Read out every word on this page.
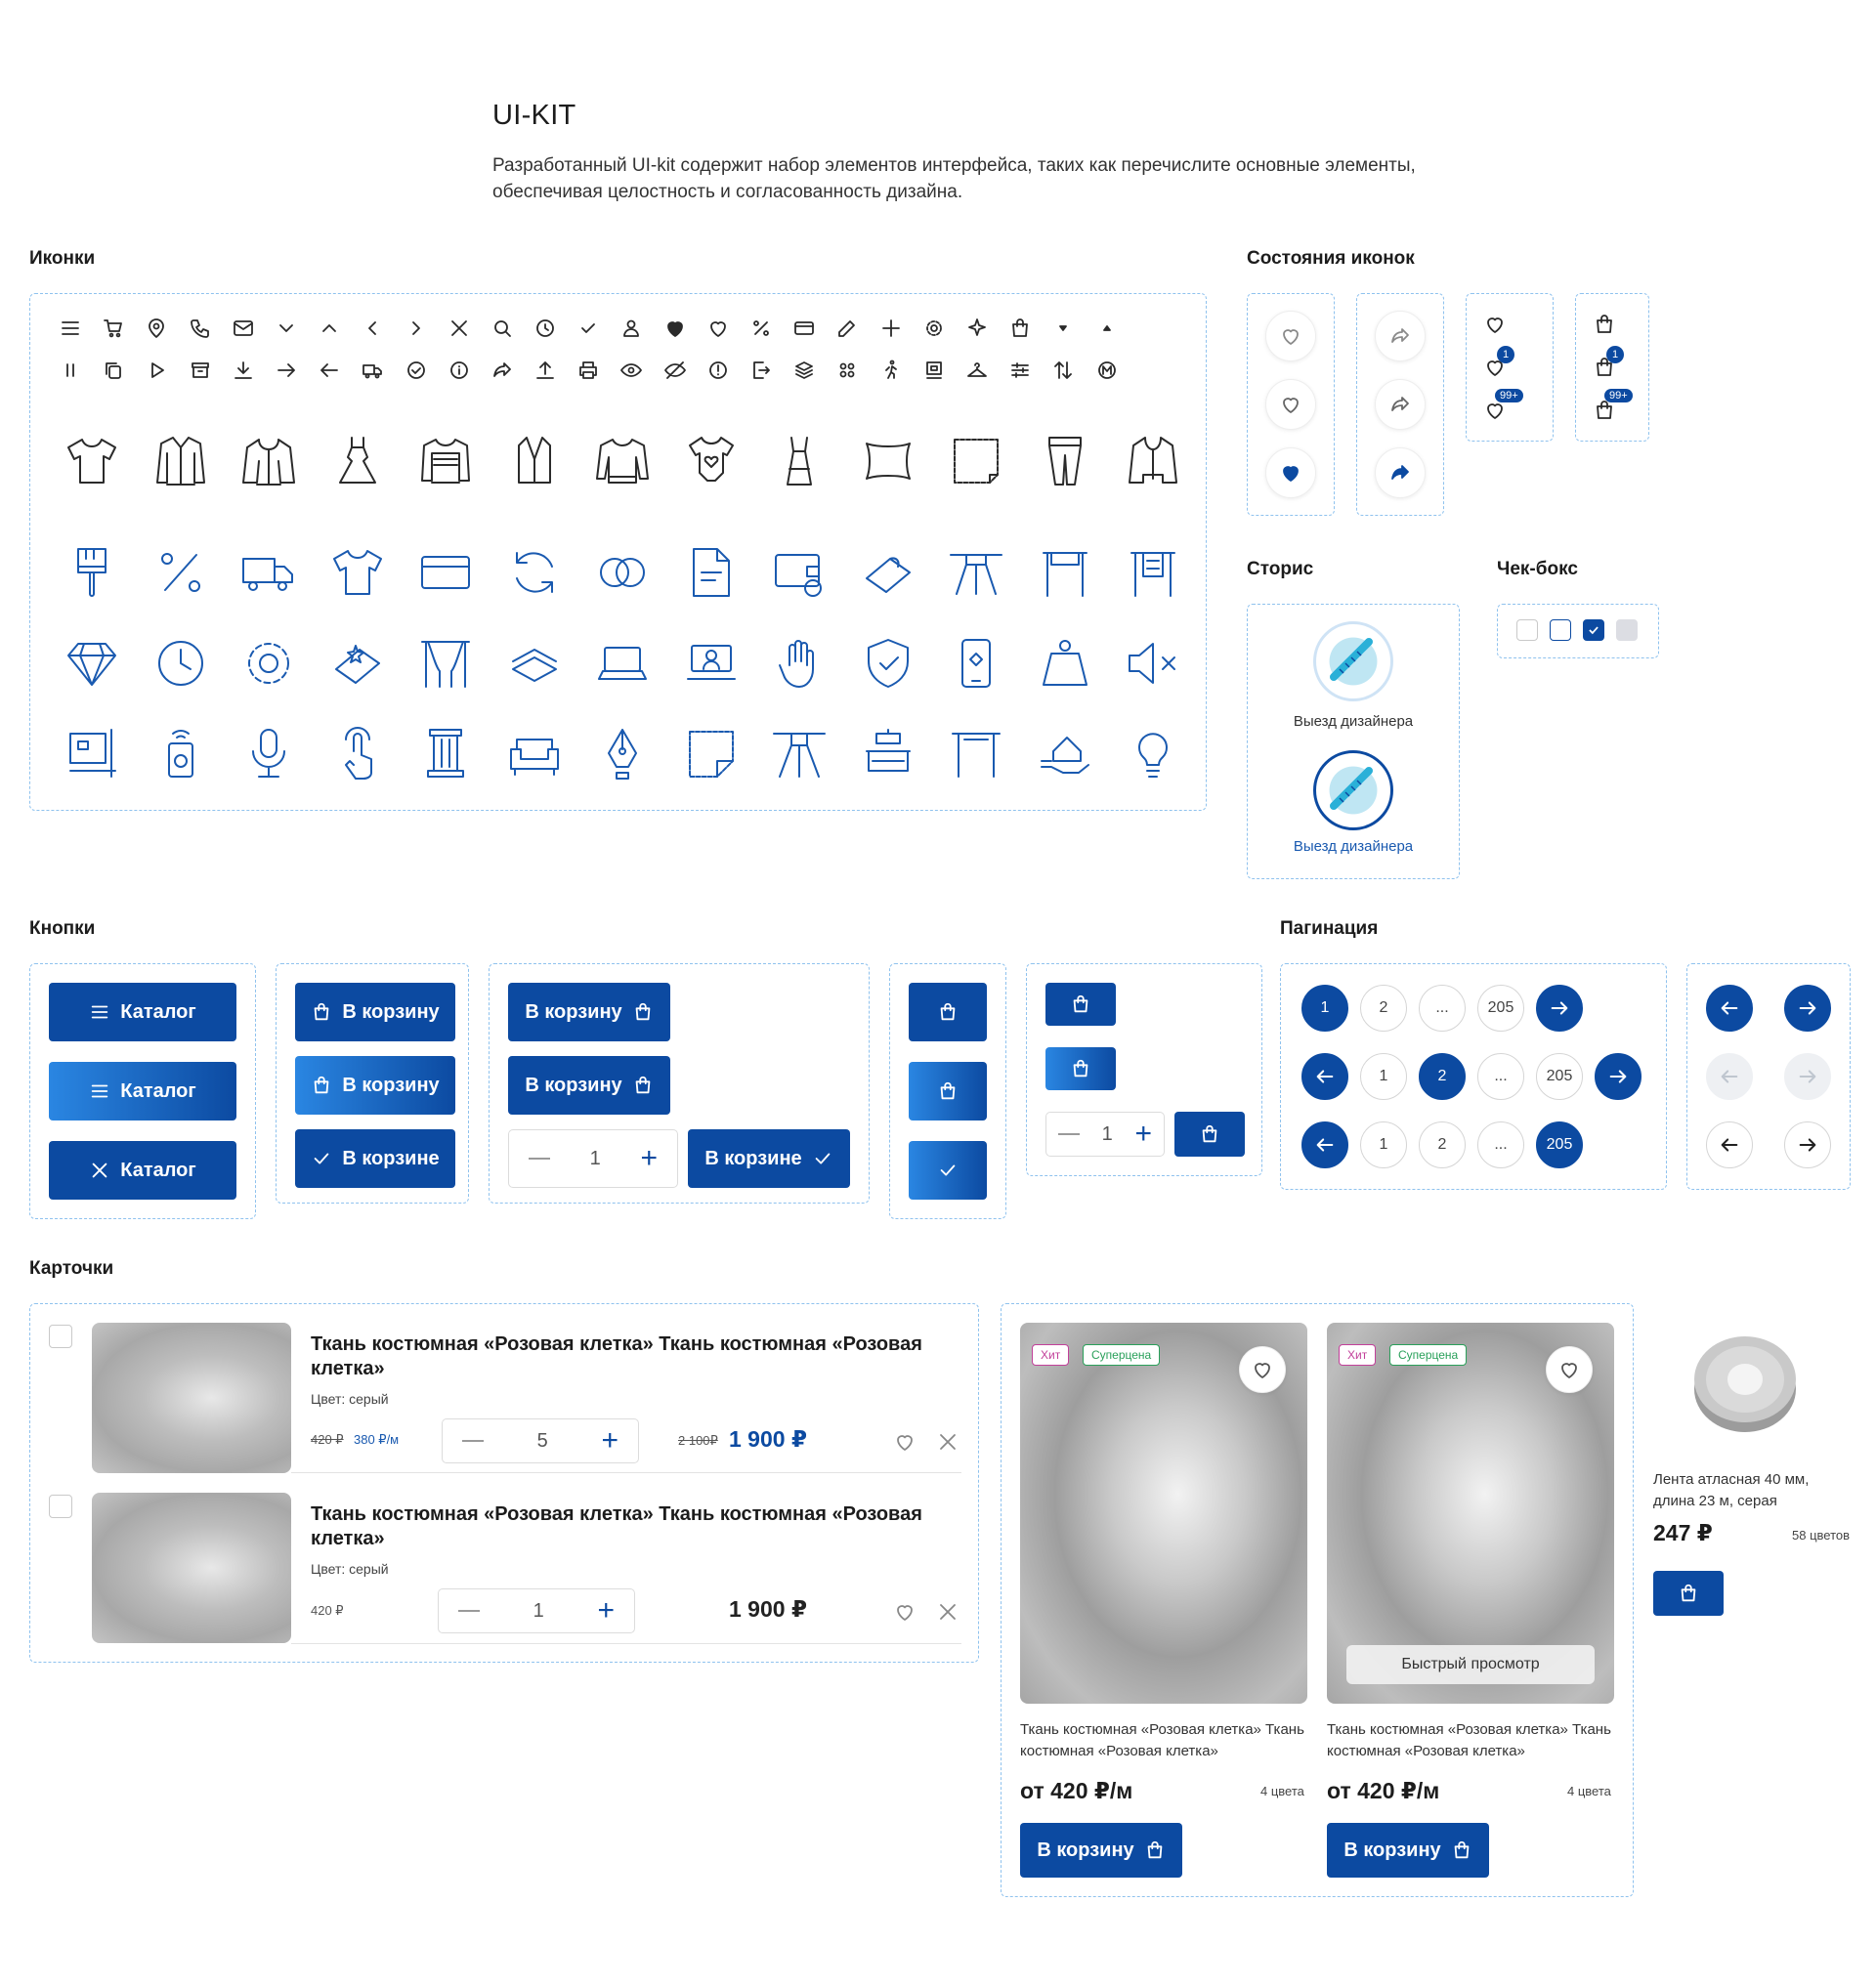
UI-KIT
Разработанный UI-kit содержит набор элементов интерфейса, таких как перечислите основные элементы, обеспечивая целостность и согласованность дизайна.
Иконки	Состояния иконок
Сторис	Чек-бокс
Кнопки	Пагинация
Карточки
1
99+
1
99+
Выезд дизайнера
Выезд дизайнера
Каталог
Каталог
Каталог
В корзину
В корзину
В корзине
В корзину
В корзину
1 + В корзине
1 +
1	2	...	205
1	2	...	205
1	2	...	205
Ткань костюмная «Розовая клетка» Ткань костюмная «Розовая клетка»
Цвет: серый
420 ₽ 380 ₽/м	5 +	2 100₽ 1 900 ₽
Ткань костюмная «Розовая клетка» Ткань костюмная «Розовая клетка»
Цвет: серый
420 ₽	1 +	1 900 ₽
Хит	Суперцена
Ткань костюмная «Розовая клетка» Ткань костюмная «Розовая клетка»
от 420 ₽/м	4 цвета
В корзину
Хит	Суперцена
Быстрый просмотр
Ткань костюмная «Розовая клетка» Ткань костюмная «Розовая клетка»
от 420 ₽/м	4 цвета
В корзину
Лента атласная 40 мм, длина 23 м, серая
247 ₽	58 цветов
